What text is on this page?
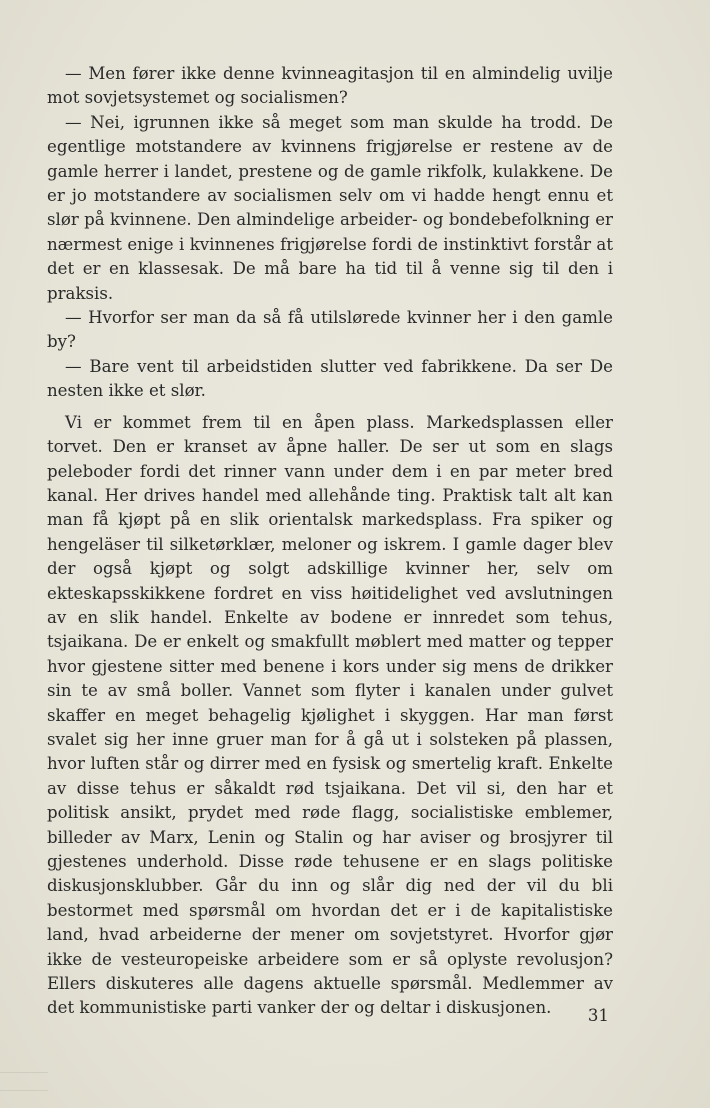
— Men fører ikke denne kvinneagitasjon til en almindelig uvilje mot sovjetsystemet og socialismen?

— Nei, igrunnen ikke så meget som man skulde ha trodd. De egentlige motstandere av kvinnens frigjørelse er restene av de gamle herrer i landet, prestene og de gamle rikfolk, kulakkene. De er jo motstandere av socialismen selv om vi hadde hengt ennu et slør på kvinnene. Den almindelige arbeider- og bondebefolkning er nærmest enige i kvinnenes frigjørelse fordi de instinktivt forstår at det er en klassesak. De må bare ha tid til å venne sig til den i praksis.

— Hvorfor ser man da så få utilslørede kvinner her i den gamle by?

— Bare vent til arbeidstiden slutter ved fabrikkene. Da ser De nesten ikke et slør.

Vi er kommet frem til en åpen plass. Markedsplassen eller torvet. Den er kranset av åpne haller. De ser ut som en slags peleboder fordi det rinner vann under dem i en par meter bred kanal. Her drives handel med allehånde ting. Praktisk talt alt kan man få kjøpt på en slik orientalsk markedsplass. Fra spiker og hengeläser til silketørklær, meloner og iskrem. I gamle dager blev der også kjøpt og solgt adskillige kvinner her, selv om ekteskapsskikkene fordret en viss høitidelighet ved avslutningen av en slik handel. Enkelte av bodene er innredet som tehus, tsjaikana. De er enkelt og smakfullt møblert med matter og tepper hvor gjestene sitter med benene i kors under sig mens de drikker sin te av små boller. Vannet som flyter i kanalen under gulvet skaffer en meget behagelig kjølighet i skyggen. Har man først svalet sig her inne gruer man for å gå ut i solsteken på plassen, hvor luften står og dirrer med en fysisk og smertelig kraft. Enkelte av disse tehus er såkaldt rød tsjaikana. Det vil si, den har et politisk ansikt, prydet med røde flagg, socialistiske emblemer, billeder av Marx, Lenin og Stalin og har aviser og brosjyrer til gjestenes underhold. Disse røde tehusene er en slags politiske diskusjonsklubber. Går du inn og slår dig ned der vil du bli bestormet med spørsmål om hvordan det er i de kapitalistiske land, hvad arbeiderne der mener om sovjetstyret. Hvorfor gjør ikke de vesteuropeiske arbeidere som er så oplyste revolusjon? Ellers diskuteres alle dagens aktuelle spørsmål. Medlemmer av det kommunistiske parti vanker der og deltar i diskusjonen.	31
